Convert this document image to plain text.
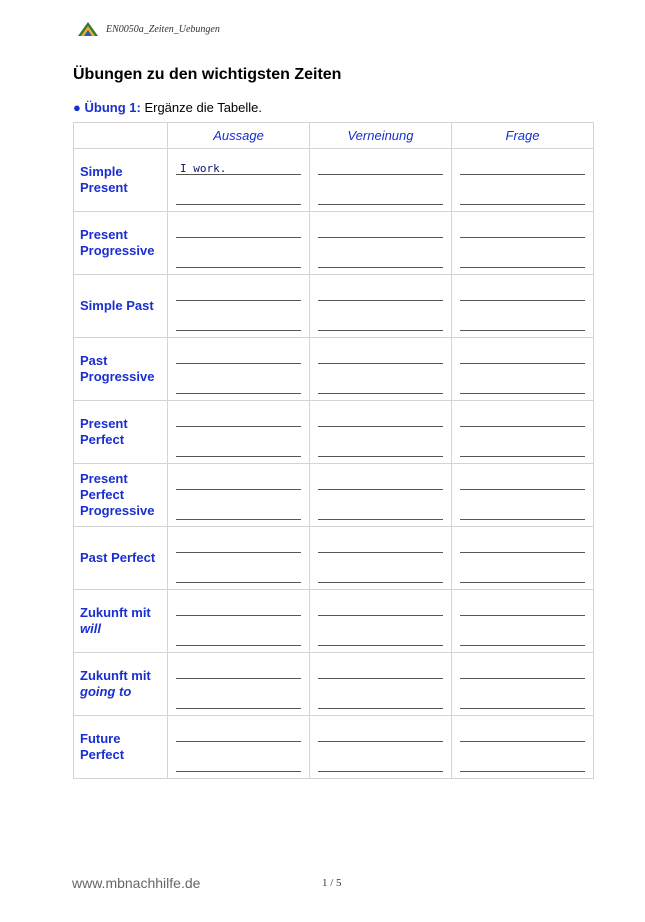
EN0050a_Zeiten_Uebungen
Übungen zu den wichtigsten Zeiten
● Übung 1: Ergänze die Tabelle.
	Aussage	Verneinung	Frage
Simple
Present	I work.		

Present
Progressive

Simple Past

Past
Progressive

Present
Perfect

Present
Perfect
Progressive

Past Perfect

Zukunft mit
will

Zukunft mit
going to

Future
Perfect

www.mbnachhilfe.de	1 / 5
